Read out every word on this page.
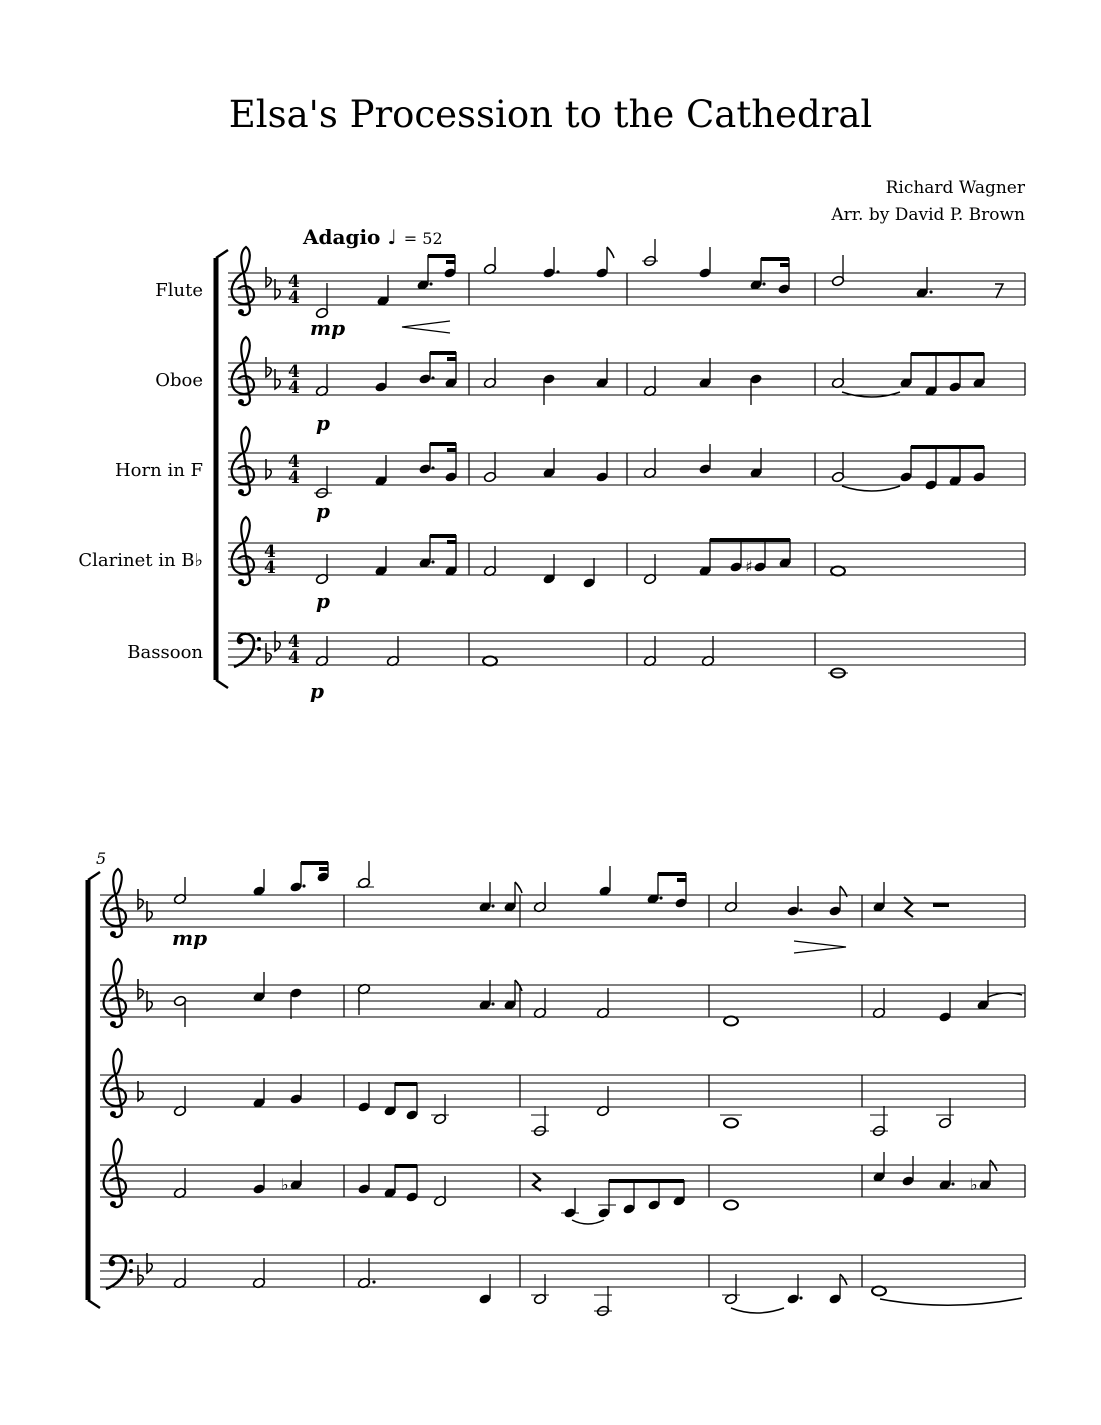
Elsa's Procession to the Cathedral
Richard Wagner
Arr. by David P. Brown
Adagio ♩ = 52
Flute
Oboe
Horn in F
Clarinet in B♭
Bassoon
4
4
mp
4
4
p
4
4
p
4
4	♯
p
4
4
p
5
mp
♭	♭
